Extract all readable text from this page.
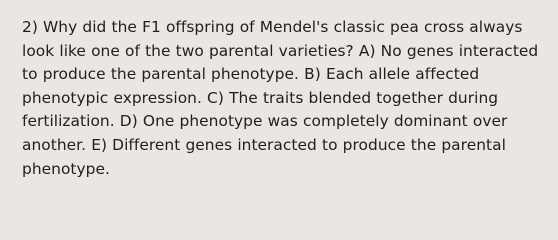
2) Why did the F1 offspring of Mendel's classic pea cross always look like one of the two parental varieties? A) No genes interacted to produce the parental phenotype. B) Each allele affected phenotypic expression. C) The traits blended together during fertilization. D) One phenotype was completely dominant over another. E) Different genes interacted to produce the parental phenotype.
